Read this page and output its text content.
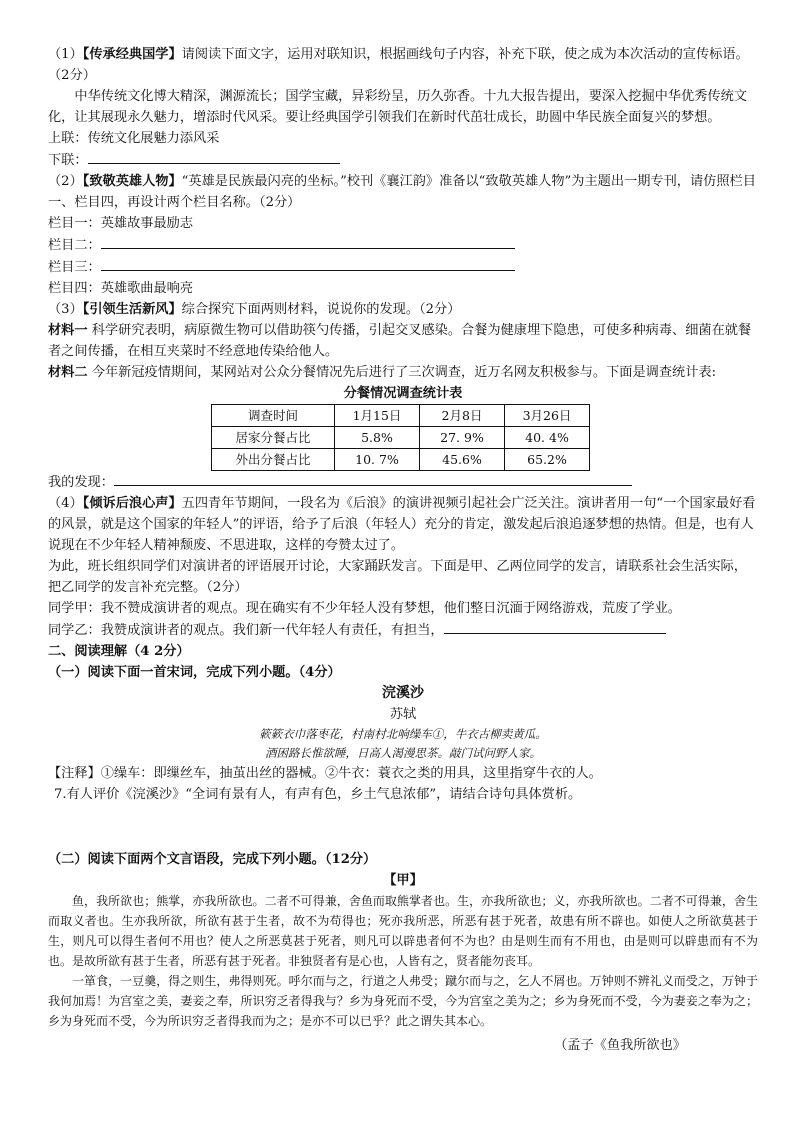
（1）【传承经典国学】请阅读下面文字，运用对联知识，根据画线句子内容，补充下联，使之成为本次活动的宣传标语。（2分）

中华传统文化博大精深，渊源流长；国学宝藏，异彩纷呈，历久弥香。十九大报告提出，要深入挖掘中华优秀传统文化，让其展现永久魅力，增添时代风采。要让经典国学引领我们在新时代茁壮成长，助圆中华民族全面复兴的梦想。

上联：传统文化展魅力添风采

下联：

（2）【致敬英雄人物】“英雄是民族最闪亮的坐标。”校刊《襄江韵》准备以“致敬英雄人物”为主题出一期专刊，请仿照栏目一、栏目四，再设计两个栏目名称。（2分）

栏目一：英雄故事最励志

栏目二：

栏目三：

栏目四：英雄歌曲最响亮

（3）【引领生活新风】综合探究下面两则材料，说说你的发现。（2分）

材料一 科学研究表明，病原微生物可以借助筷勺传播，引起交叉感染。合餐为健康埋下隐患，可使多种病毒、细菌在就餐者之间传播，在相互夹菜时不经意地传染给他人。

材料二 今年新冠疫情期间，某网站对公众分餐情况先后进行了三次调查，近万名网友积极参与。下面是调查统计表:

分餐情况调查统计表

调查时间	1月15日	2月8日	3月26日
居家分餐占比	5.8%	27. 9%	40. 4%
外出分餐占比	10. 7%	45.6%	65.2%

我的发现：

（4）【倾诉后浪心声】五四青年节期间，一段名为《后浪》的演讲视频引起社会广泛关注。演讲者用一句“一个国家最好看的风景，就是这个国家的年轻人”的评语，给予了后浪（年轻人）充分的肯定，激发起后浪追逐梦想的热情。但是，也有人说现在不少年轻人精神颓废、不思进取，这样的夸赞太过了。

为此，班长组织同学们对演讲者的评语展开讨论，大家踊跃发言。下面是甲、乙两位同学的发言，请联系社会生活实际，把乙同学的发言补充完整。（2分）

同学甲：我不赞成演讲者的观点。现在确实有不少年轻人没有梦想，他们整日沉湎于网络游戏，荒废了学业。

同学乙：我赞成演讲者的观点。我们新一代年轻人有责任，有担当，

二、阅读理解（4 2分）

（一）阅读下面一首宋词，完成下列小题。（4分）

浣溪沙

苏轼

簌簌衣巾落枣花，村南村北响缲车①，牛衣古柳卖黄瓜。

酒困路长惟欲睡，日高人渴漫思茶。敲门试问野人家。

【注释】①缲车：即缫丝车，抽茧出丝的器械。②牛衣：蓑衣之类的用具，这里指穿牛衣的人。

7.有人评价《浣溪沙》“全词有景有人，有声有色，乡土气息浓郁”，请结合诗句具体赏析。

（二）阅读下面两个文言语段，完成下列小题。（12分）

【甲】

鱼，我所欲也；熊掌，亦我所欲也。二者不可得兼，舍鱼而取熊掌者也。生，亦我所欲也；义，亦我所欲也。二者不可得兼，舍生而取义者也。生亦我所欲，所欲有甚于生者，故不为苟得也；死亦我所恶，所恶有甚于死者，故患有所不辟也。如使人之所欲莫甚于生，则凡可以得生者何不用也？使人之所恶莫甚于死者，则凡可以辟患者何不为也？由是则生而有不用也，由是则可以辟患而有不为也。是故所欲有甚于生者，所恶有甚于死者。非独贤者有是心也，人皆有之，贤者能勿丧耳。

一箪食，一豆羹，得之则生，弗得则死。呼尔而与之，行道之人弗受；蹴尔而与之，乞人不屑也。万钟则不辨礼义而受之，万钟于我何加焉！为宫室之美，妻妾之奉，所识穷乏者得我与？乡为身死而不受，今为宫室之美为之；乡为身死而不受，今为妻妾之奉为之；乡为身死而不受，今为所识穷乏者得我而为之；是亦不可以已乎？此之谓失其本心。

（孟子《鱼我所欲也》
